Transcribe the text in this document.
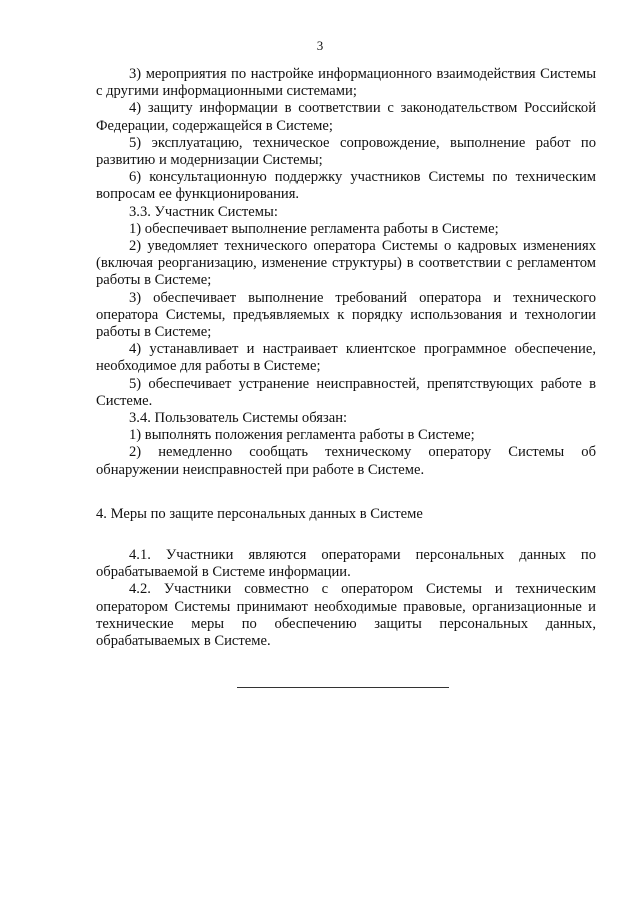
3

3) мероприятия по настройке информационного взаимодействия Системы с другими информационными системами;

4) защиту информации в соответствии с законодательством Российской Федерации, содержащейся в Системе;

5) эксплуатацию, техническое сопровождение, выполнение работ по развитию и модернизации Системы;

6) консультационную поддержку участников Системы по техническим вопросам ее функционирования.

3.3. Участник Системы:

1) обеспечивает выполнение регламента работы в Системе;

2) уведомляет технического оператора Системы о кадровых изменениях (включая реорганизацию, изменение структуры) в соответствии с регламентом работы в Системе;

3) обеспечивает выполнение требований оператора и технического оператора Системы, предъявляемых к порядку использования и технологии работы в Системе;

4) устанавливает и настраивает клиентское программное обеспечение, необходимое для работы в Системе;

5) обеспечивает устранение неисправностей, препятствующих работе в Системе.

3.4. Пользователь Системы обязан:

1) выполнять положения регламента работы в Системе;

2) немедленно сообщать техническому оператору Системы об обнаружении неисправностей при работе в Системе.

4. Меры по защите персональных данных в Системе

4.1. Участники являются операторами персональных данных по обрабатываемой в Системе информации.

4.2. Участники совместно с оператором Системы и техническим оператором Системы принимают необходимые правовые, организационные и технические меры по обеспечению защиты персональных данных, обрабатываемых в Системе.
